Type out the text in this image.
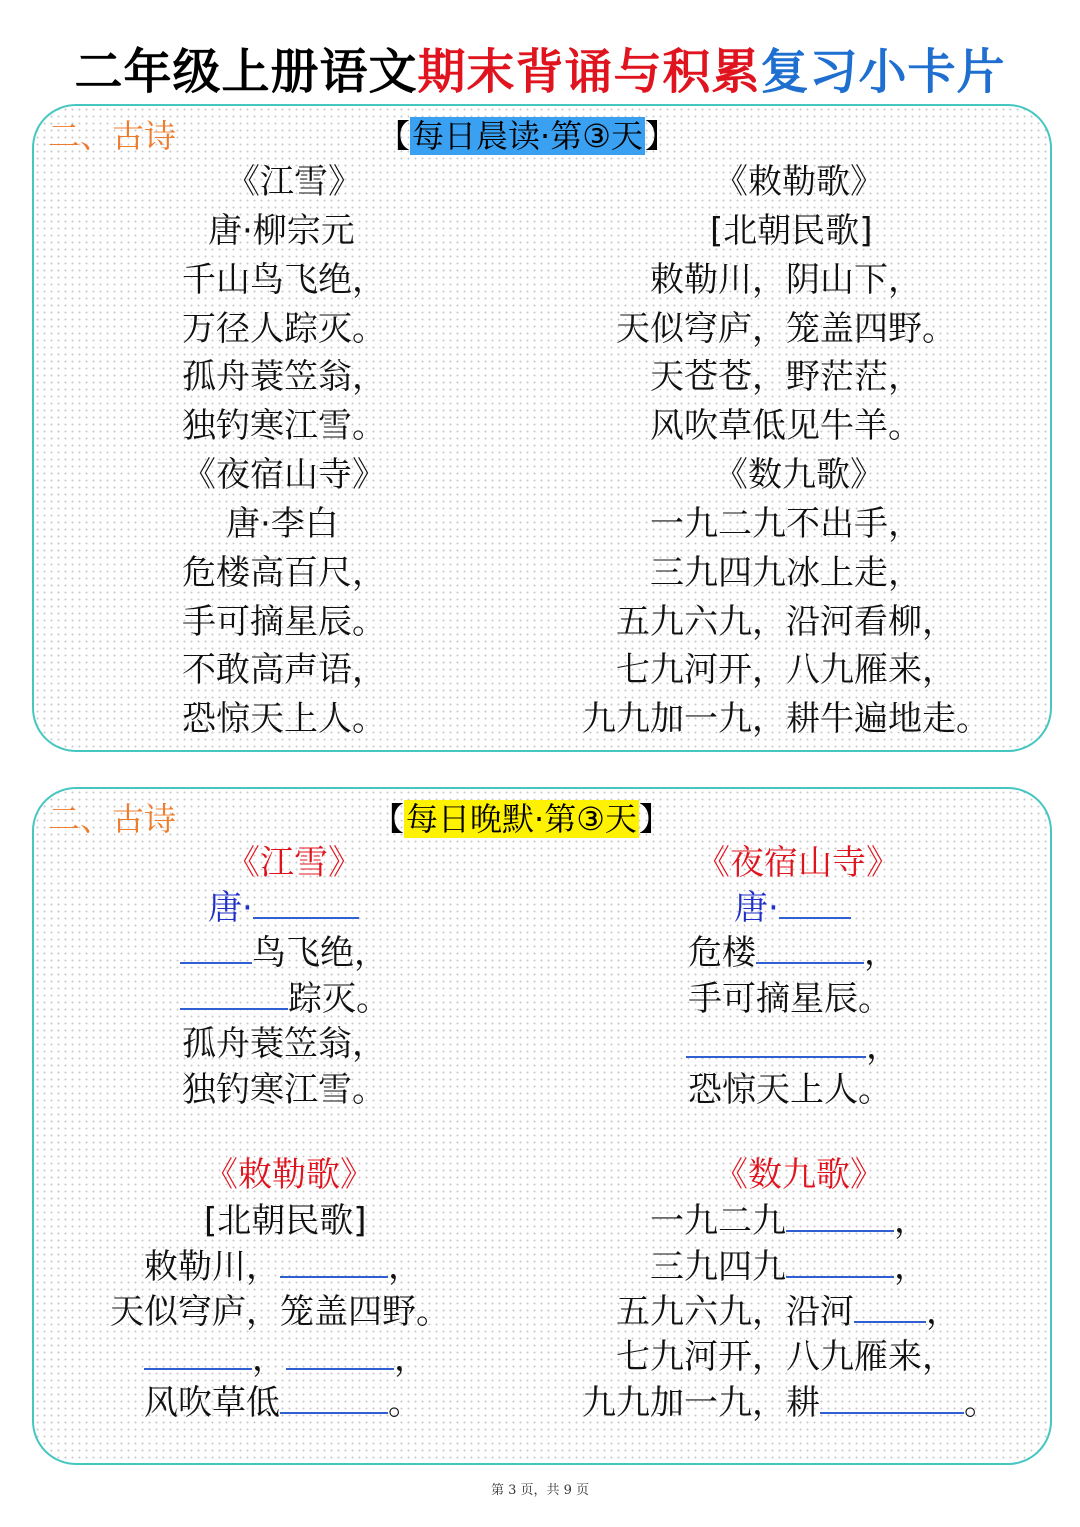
二年级上册语文期末背诵与积累复习小卡片
二、古诗	【每日晨读·第③天】
《江雪》
唐·柳宗元
千山鸟飞绝，
万径人踪灭。
孤舟蓑笠翁，
独钓寒江雪。
《夜宿山寺》
唐·李白
危楼高百尺，
手可摘星辰。
不敢高声语，
恐惊天上人。
《敕勒歌》
[北朝民歌]
敕勒川，阴山下，
天似穹庐，笼盖四野。
天苍苍，野茫茫，
风吹草低见牛羊。
《数九歌》
一九二九不出手，
三九四九冰上走，
五九六九，沿河看柳，
七九河开，八九雁来，
九九加一九，耕牛遍地走。
二、古诗	【每日晚默·第③天】
《江雪》
唐·
鸟飞绝，
踪灭。
孤舟蓑笠翁，
独钓寒江雪。
《夜宿山寺》
唐·
危楼	，
手可摘星辰。
，
恐惊天上人。
《敕勒歌》
[北朝民歌]
敕勒川，	，
天似穹庐，笼盖四野。
，	，
风吹草低	。
《数九歌》
一九二九	，
三九四九	，
五九六九，沿河 ，
七九河开，八九雁来，
九九加一九，耕	。
第 3 页，共 9 页
